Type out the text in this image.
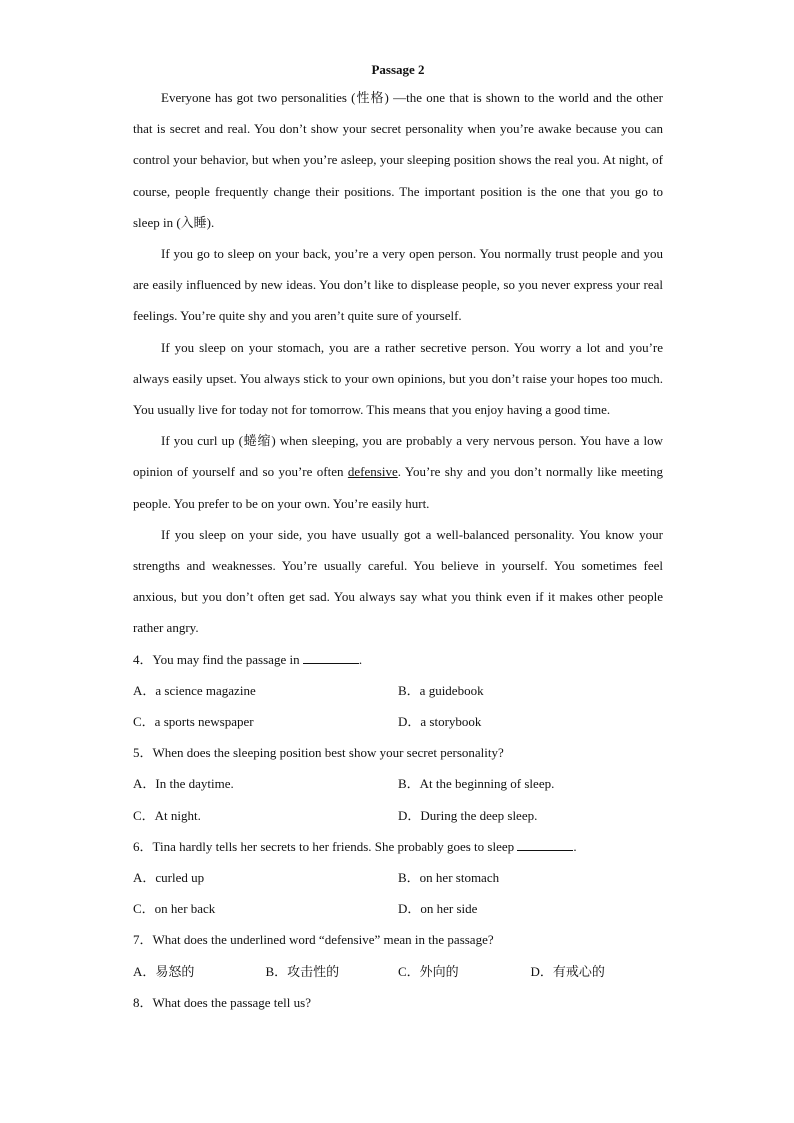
Passage 2

Everyone has got two personalities (性格) —the one that is shown to the world and the other that is secret and real. You don’t show your secret personality when you’re awake because you can control your behavior, but when you’re asleep, your sleeping position shows the real you. At night, of course, people frequently change their positions. The important position is the one that you go to sleep in (入睡).

If you go to sleep on your back, you’re a very open person. You normally trust people and you are easily influenced by new ideas. You don’t like to displease people, so you never express your real feelings. You’re quite shy and you aren’t quite sure of yourself.

If you sleep on your stomach, you are a rather secretive person. You worry a lot and you’re always easily upset. You always stick to your own opinions, but you don’t raise your hopes too much. You usually live for today not for tomorrow. This means that you enjoy having a good time.

If you curl up (蜷缩) when sleeping, you are probably a very nervous person. You have a low opinion of yourself and so you’re often defensive. You’re shy and you don’t normally like meeting people. You prefer to be on your own. You’re easily hurt.

If you sleep on your side, you have usually got a well-balanced personality. You know your strengths and weaknesses. You’re usually careful. You believe in yourself. You sometimes feel anxious, but you don’t often get sad. You always say what you think even if it makes other people rather angry.

4．You may find the passage in	.

A．a science magazine	B．a guidebook
C．a sports newspaper	D．a storybook

5．When does the sleeping position best show your secret personality?

A．In the daytime.	B．At the beginning of sleep.
C．At night.	D．During the deep sleep.

6．Tina hardly tells her secrets to her friends. She probably goes to sleep	.

A．curled up	B．on her stomach
C．on her back	D．on her side

7．What does the underlined word “defensive” mean in the passage?

A．易怒的	B．攻击性的	C．外向的	D．有戒心的

8．What does the passage tell us?
